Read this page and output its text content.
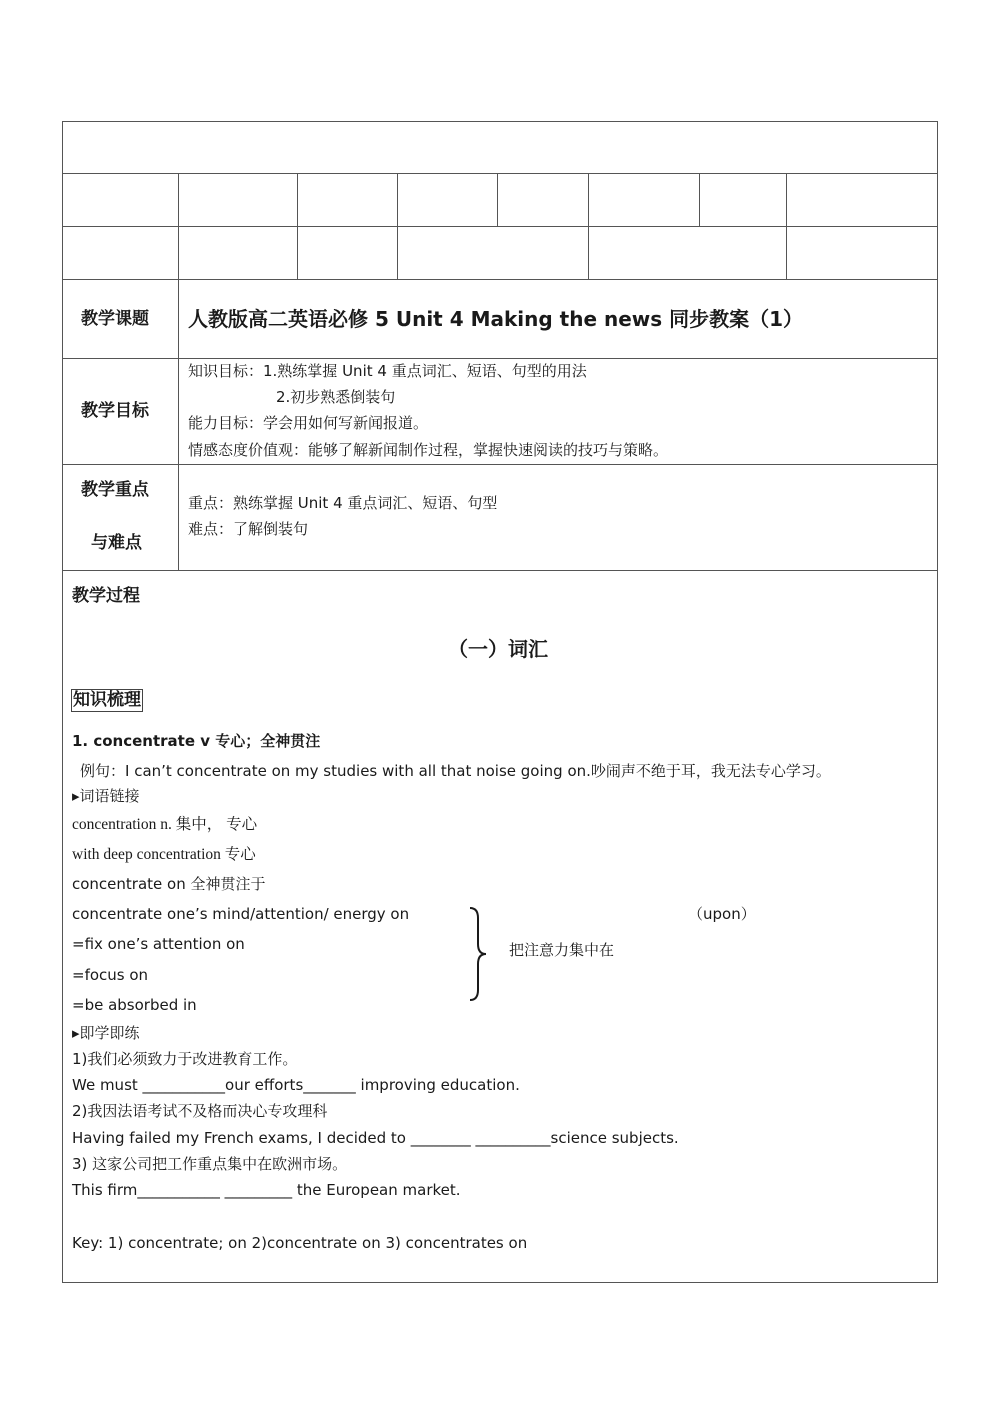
教学课题 人教版高二英语必修 5 Unit 4 Making the news 同步教案（1）
教学目标
知识目标：1.熟练掌握 Unit 4 重点词汇、短语、句型的用法
2.初步熟悉倒装句
能力目标：学会用如何写新闻报道。
情感态度价值观：能够了解新闻制作过程，掌握快速阅读的技巧与策略。
教学重点
与难点
重点：熟练掌握 Unit 4 重点词汇、短语、句型
难点：了解倒装句
教学过程
（一）词汇
知识梳理
1. concentrate v 专心；全神贯注
例句：I can’t concentrate on my studies with all that noise going on.吵闹声不绝于耳，我无法专心学习。
▸词语链接
concentration n. 集中， 专心
with deep concentration 专心
concentrate on 全神贯注于
concentrate one’s mind/attention/ energy on
=fix one’s attention on
=focus on
=be absorbed in
把注意力集中在
（upon）
▸即学即练
1)我们必须致力于改进教育工作。
We must ___________our efforts_______ improving education.
2)我因法语考试不及格而决心专攻理科
Having failed my French exams, I decided to ________ __________science subjects.
3) 这家公司把工作重点集中在欧洲市场。
This firm___________ _________ the European market.
Key: 1) concentrate; on 2)concentrate on 3) concentrates on
